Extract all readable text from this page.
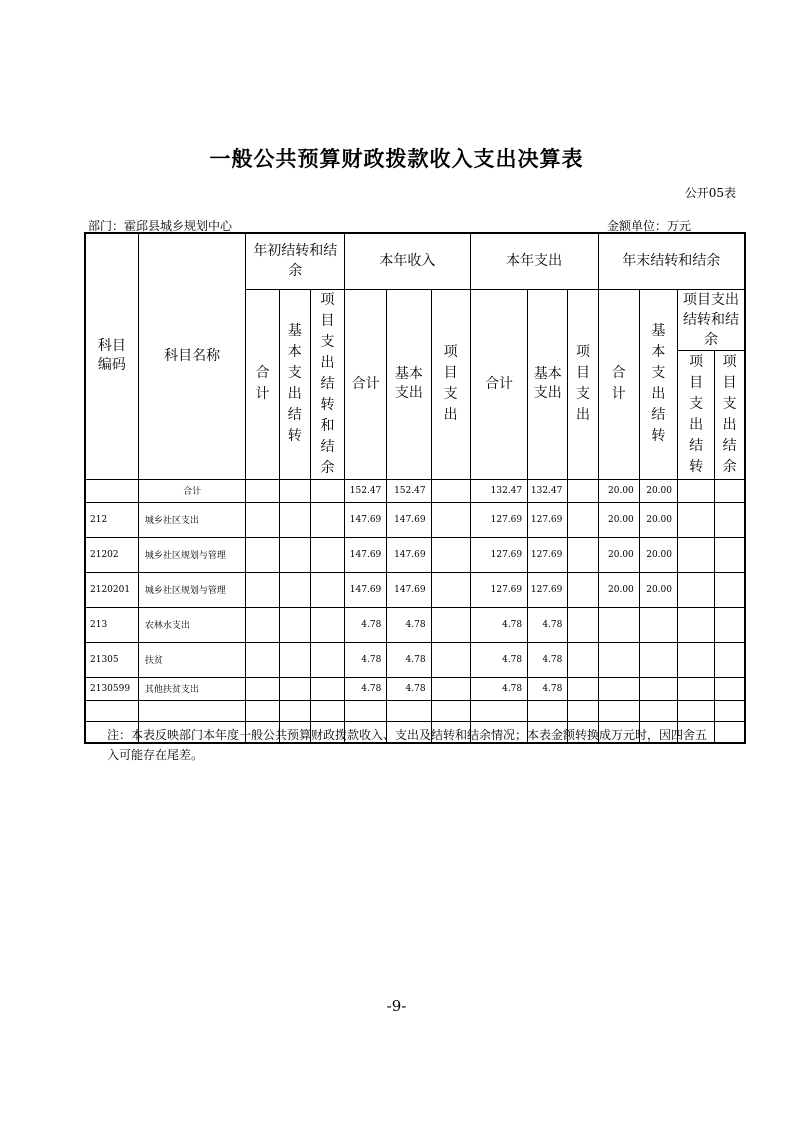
一般公共预算财政拨款收入支出决算表
公开05表
部门：霍邱县城乡规划中心	金额单位：万元
科目编码	科目名称	年初结转和结余			本年收入			本年支出			年末结转和结余			
		合计	基本支出结转	项目支出结转和结余	合计	基本支出	项目支出	合计	基本支出	项目支出	合计	基本支出结转	项目支出结转和结余	
													项目支出结转	项目支出结余
	合计				152.47	152.47		132.47	132.47		20.00	20.00		
212	城乡社区支出				147.69	147.69		127.69	127.69		20.00	20.00		
21202	城乡社区规划与管理				147.69	147.69		127.69	127.69		20.00	20.00		
2120201	城乡社区规划与管理				147.69	147.69		127.69	127.69		20.00	20.00		
213	农林水支出				4.78	4.78		4.78	4.78					
21305	扶贫				4.78	4.78		4.78	4.78					
2130599	其他扶贫支出				4.78	4.78		4.78	4.78					

注：本表反映部门本年度一般公共预算财政拨款收入、支出及结转和结余情况；本表金额转换成万元时，因四舍五入可能存在尾差。
-9-
